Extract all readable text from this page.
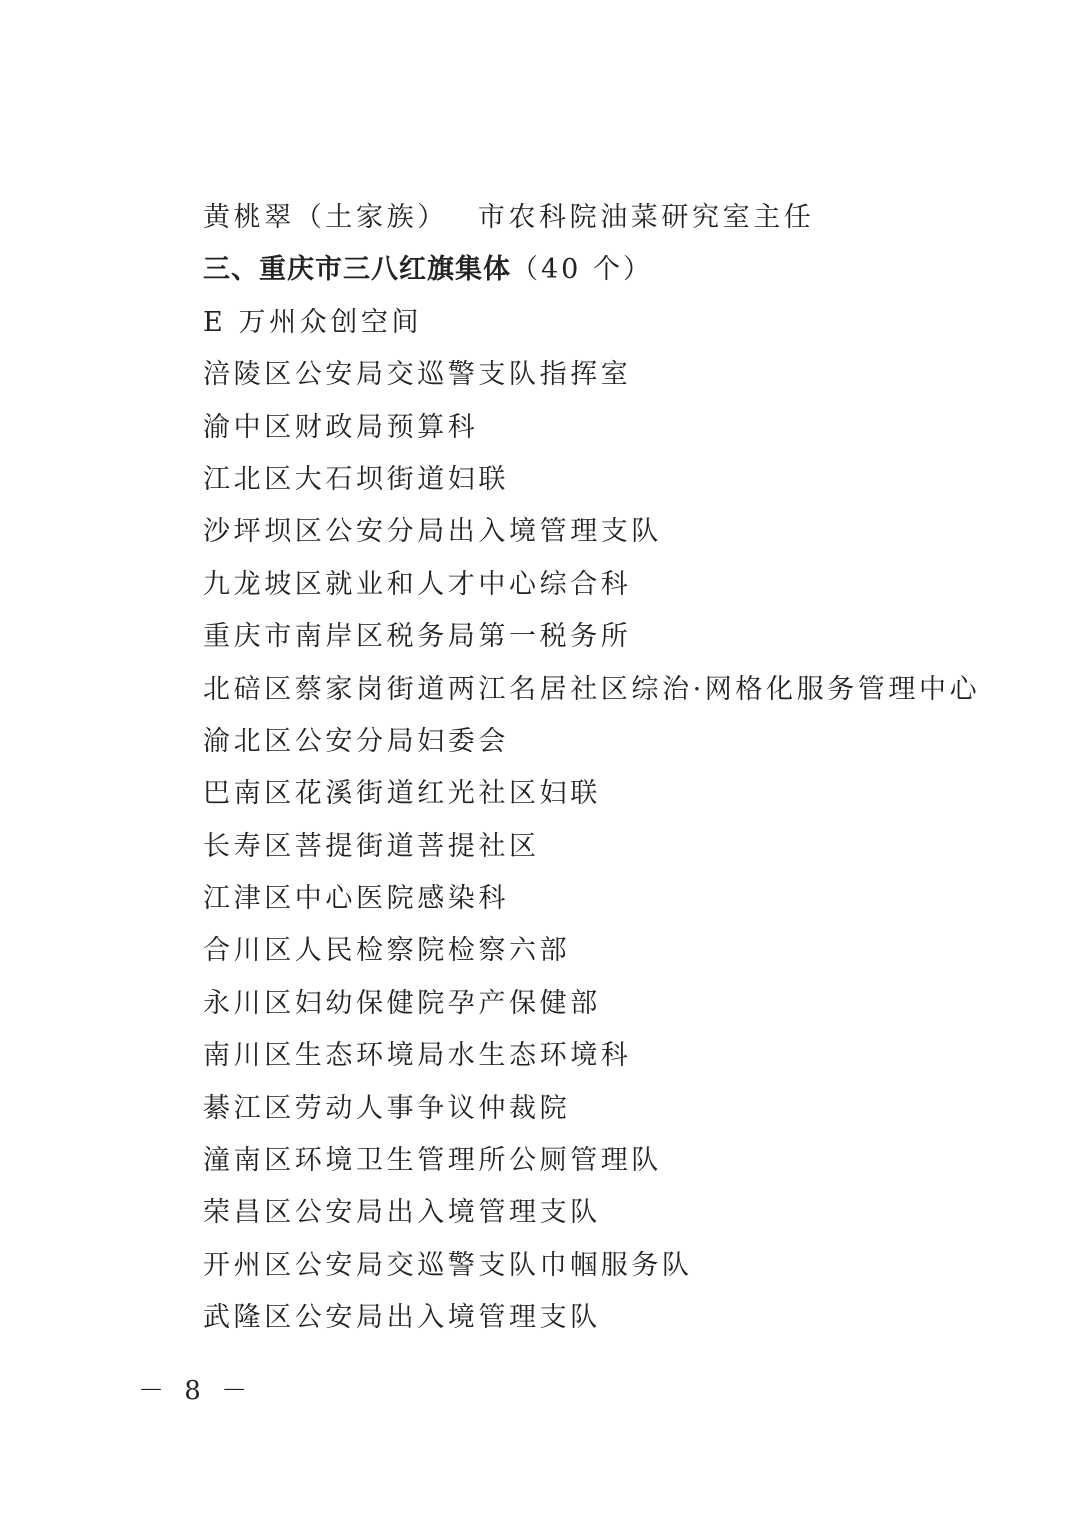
黄桃翠（土家族） 市农科院油菜研究室主任
三、重庆市三八红旗集体（40 个）
E 万州众创空间
涪陵区公安局交巡警支队指挥室
渝中区财政局预算科
江北区大石坝街道妇联
沙坪坝区公安分局出入境管理支队
九龙坡区就业和人才中心综合科
重庆市南岸区税务局第一税务所
北碚区蔡家岗街道两江名居社区综治·网格化服务管理中心
渝北区公安分局妇委会
巴南区花溪街道红光社区妇联
长寿区菩提街道菩提社区
江津区中心医院感染科
合川区人民检察院检察六部
永川区妇幼保健院孕产保健部
南川区生态环境局水生态环境科
綦江区劳动人事争议仲裁院
潼南区环境卫生管理所公厕管理队
荣昌区公安局出入境管理支队
开州区公安局交巡警支队巾帼服务队
武隆区公安局出入境管理支队
－ 8 －
